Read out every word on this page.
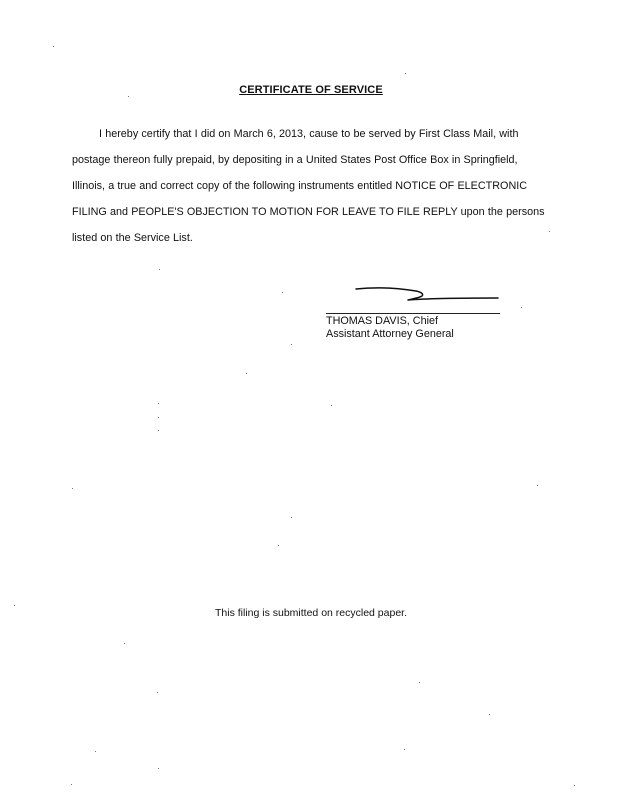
CERTIFICATE OF SERVICE

I hereby certify that I did on March 6, 2013, cause to be served by First Class Mail, with postage thereon fully prepaid, by depositing in a United States Post Office Box in Springfield, Illinois, a true and correct copy of the following instruments entitled NOTICE OF ELECTRONIC FILING and PEOPLE'S OBJECTION TO MOTION FOR LEAVE TO FILE REPLY upon the persons listed on the Service List.

THOMAS DAVIS, Chief
Assistant Attorney General
This filing is submitted on recycled paper.
